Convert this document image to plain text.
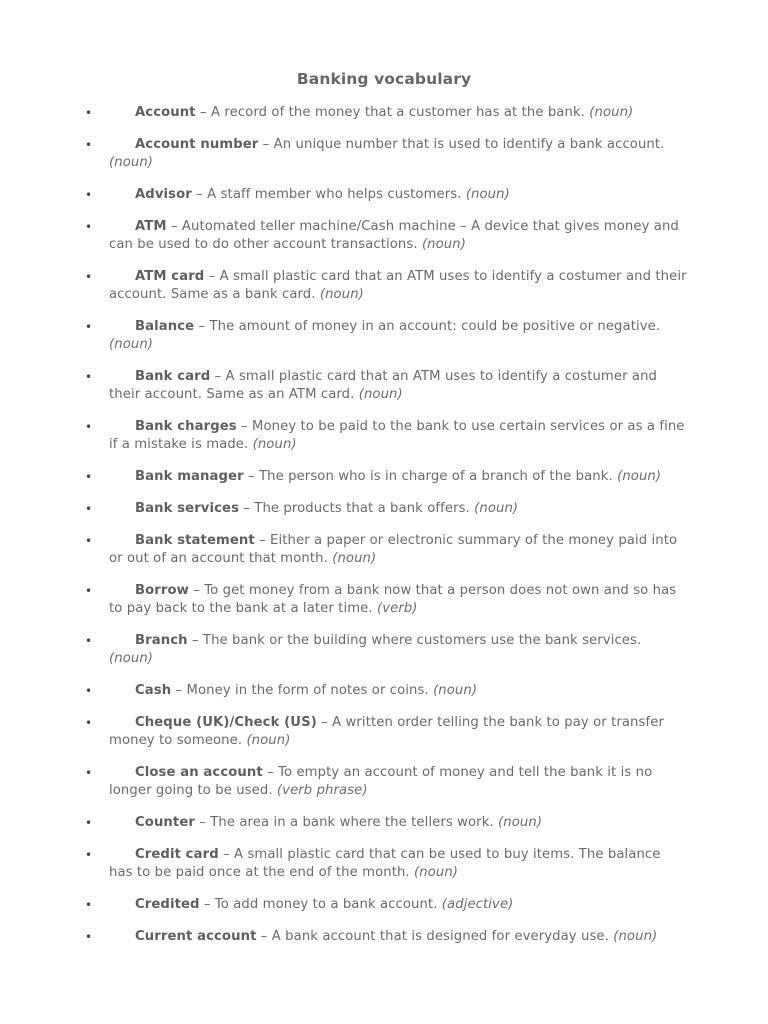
Banking vocabulary
•	Account – A record of the money that a customer has at the bank. (noun)
•	Account number – An unique number that is used to identify a bank account. (noun)
•	Advisor – A staff member who helps customers. (noun)
•	ATM – Automated teller machine/Cash machine – A device that gives money and can be used to do other account transactions. (noun)
•	ATM card – A small plastic card that an ATM uses to identify a costumer and their account. Same as a bank card. (noun)
•	Balance – The amount of money in an account: could be positive or negative. (noun)
•	Bank card – A small plastic card that an ATM uses to identify a costumer and their account. Same as an ATM card. (noun)
•	Bank charges – Money to be paid to the bank to use certain services or as a fine if a mistake is made. (noun)
•	Bank manager – The person who is in charge of a branch of the bank. (noun)
•	Bank services – The products that a bank offers. (noun)
•	Bank statement – Either a paper or electronic summary of the money paid into or out of an account that month. (noun)
•	Borrow – To get money from a bank now that a person does not own and so has to pay back to the bank at a later time. (verb)
•	Branch – The bank or the building where customers use the bank services. (noun)
•	Cash – Money in the form of notes or coins. (noun)
•	Cheque (UK)/Check (US) – A written order telling the bank to pay or transfer money to someone. (noun)
•	Close an account – To empty an account of money and tell the bank it is no longer going to be used. (verb phrase)
•	Counter – The area in a bank where the tellers work. (noun)
•	Credit card – A small plastic card that can be used to buy items. The balance has to be paid once at the end of the month. (noun)
•	Credited – To add money to a bank account. (adjective)
•	Current account – A bank account that is designed for everyday use. (noun)
